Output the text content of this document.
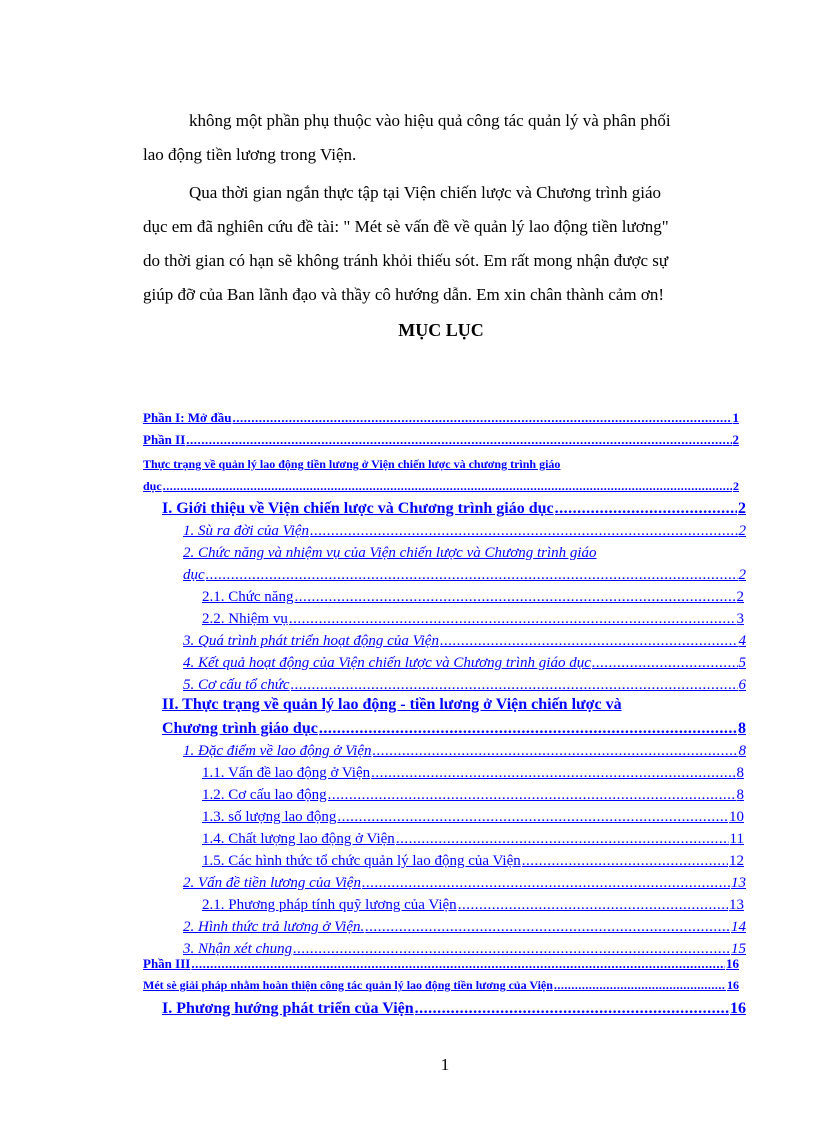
không một phần phụ thuộc vào hiệu quả công tác quản lý và phân phối
lao động tiền lương trong Viện.
Qua thời gian ngắn thực tập tại Viện chiến lược và Chương trình giáo
dục em đã nghiên cứu đề tài: " Mét sè vấn đề về quản lý lao động tiền lương"
do thời gian có hạn sẽ không tránh khỏi thiếu sót. Em rất mong nhận được sự
giúp đỡ của Ban lãnh đạo và thầy cô hướng dẫn. Em xin chân thành cảm ơn!
MỤC LỤC
Phần I: Mở đầu .....	1
Phần II .....	2
Thực trạng về quản lý lao động tiền lương ở Viện chiến lược và chương trình giáo
dục .....	2
I. Giới thiệu về Viện chiến lược và Chương trình giáo dục .....	2
1. Sù ra đời của Viện .....	2
2. Chức năng và nhiệm vụ của Viện chiến lược và Chương trình giáo
dục .....	2
2.1. Chức năng .....	2
2.2. Nhiệm vụ .....	3
3. Quá trình phát triển hoạt động của Viện .....	4
4. Kết quả hoạt động của Viện chiến lược và Chương trình giáo dục .....	5
5. Cơ cấu tổ chức .....	6
II. Thực trạng về quản lý lao động - tiền lương ở Viện chiến lược và
Chương trình giáo dục .....	8
1. Đặc điểm về lao động ở Viện .....	8
1.1. Vấn đề lao động ở Viện .....	8
1.2. Cơ cấu lao động .....	8
1.3. số lượng lao động .....	10
1.4. Chất lượng lao động ở Viện .....	11
1.5. Các hình thức tổ chức quản lý lao động của Viện .....	12
2. Vấn đề tiền lương của Viện .....	13
2.1. Phương pháp tính quỹ lương của Viện .....	13
2. Hình thức trả lương ở Viện. .....	14
3. Nhận xét chung .....	15
Phần III .....	16
Mét sè giải pháp nhằm hoàn thiện công tác quản lý lao động tiền lương của Viện .....	16
I. Phương hướng phát triển của Viện .....	16
1
